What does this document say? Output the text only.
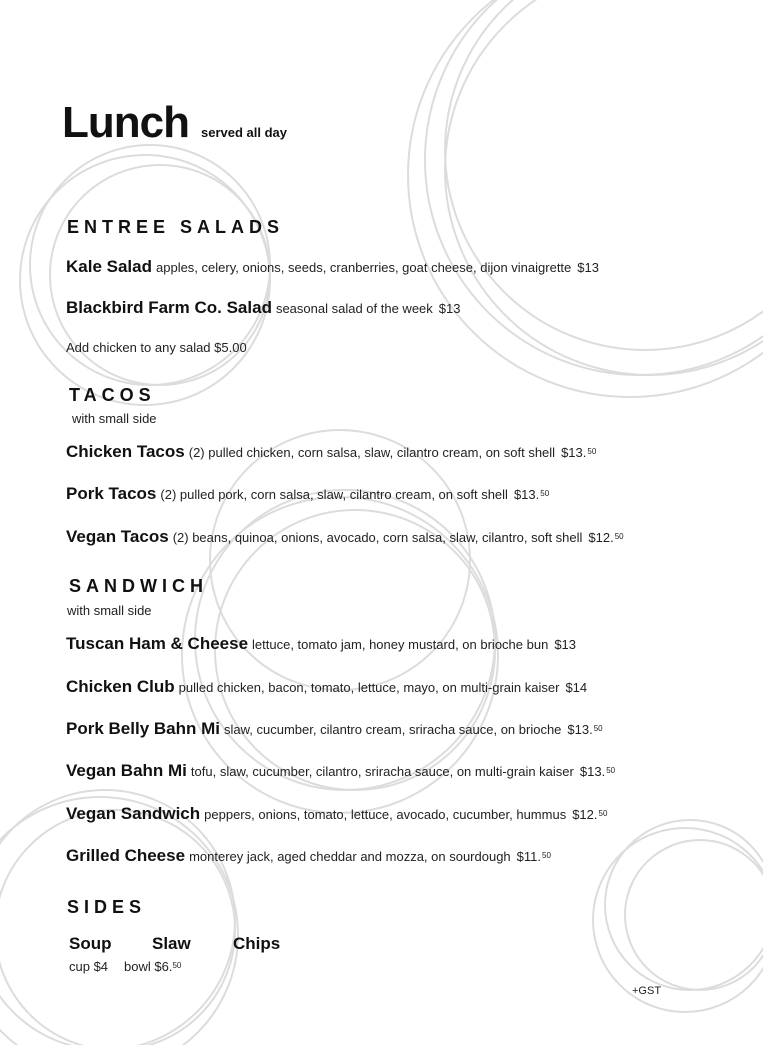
Lunch served all day
ENTREE SALADS
Kale Salad apples, celery, onions, seeds, cranberries, goat cheese, dijon vinaigrette $13
Blackbird Farm Co. Salad seasonal salad of the week $13
Add chicken to any salad $5.00
TACOS
with small side
Chicken Tacos (2) pulled chicken, corn salsa, slaw, cilantro cream, on soft shell $13.50
Pork Tacos (2) pulled pork, corn salsa, slaw, cilantro cream, on soft shell $13.50
Vegan Tacos (2) beans, quinoa, onions, avocado, corn salsa, slaw, cilantro, soft shell $12.50
SANDWICH
with small side
Tuscan Ham & Cheese lettuce, tomato jam, honey mustard, on brioche bun $13
Chicken Club pulled chicken, bacon, tomato, lettuce, mayo, on multi-grain kaiser $14
Pork Belly Bahn Mi slaw, cucumber, cilantro cream, sriracha sauce, on brioche $13.50
Vegan Bahn Mi tofu, slaw, cucumber, cilantro, sriracha sauce, on multi-grain kaiser $13.50
Vegan Sandwich peppers, onions, tomato, lettuce, avocado, cucumber, hummus $12.50
Grilled Cheese monterey jack, aged cheddar and mozza, on sourdough $11.50
SIDES
Soup Slaw Chips
cup $4 bowl $6.50
+GST
